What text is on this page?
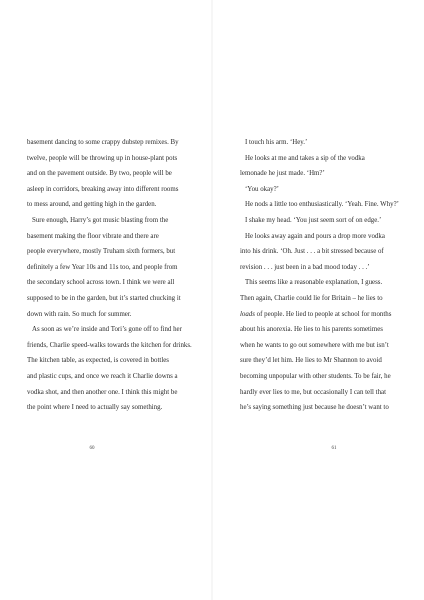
basement dancing to some crappy dubstep remixes. By
twelve, people will be throwing up in house-plant pots
and on the pavement outside. By two, people will be
asleep in corridors, breaking away into different rooms
to mess around, and getting high in the garden.

Sure enough, Harry’s got music blasting from the
basement making the floor vibrate and there are
people everywhere, mostly Truham sixth formers, but
definitely a few Year 10s and 11s too, and people from
the secondary school across town. I think we were all
supposed to be in the garden, but it’s started chucking it
down with rain. So much for summer.

As soon as we’re inside and Tori’s gone off to find her
friends, Charlie speed-walks towards the kitchen for drinks.
The kitchen table, as expected, is covered in bottles
and plastic cups, and once we reach it Charlie downs a
vodka shot, and then another one. I think this might be
the point where I need to actually say something.

60

I touch his arm. ‘Hey.’

He looks at me and takes a sip of the vodka
lemonade he just made. ‘Hm?’

‘You okay?’

He nods a little too enthusiastically. ‘Yeah. Fine. Why?’

I shake my head. ‘You just seem sort of on edge.’

He looks away again and pours a drop more vodka
into his drink. ‘Oh. Just . . . a bit stressed because of
revision . . . just been in a bad mood today . . .’

This seems like a reasonable explanation, I guess.
Then again, Charlie could lie for Britain – he lies to
loads of people. He lied to people at school for months
about his anorexia. He lies to his parents sometimes
when he wants to go out somewhere with me but isn’t
sure they’d let him. He lies to Mr Shannon to avoid
becoming unpopular with other students. To be fair, he
hardly ever lies to me, but occasionally I can tell that
he’s saying something just because he doesn’t want to

61
